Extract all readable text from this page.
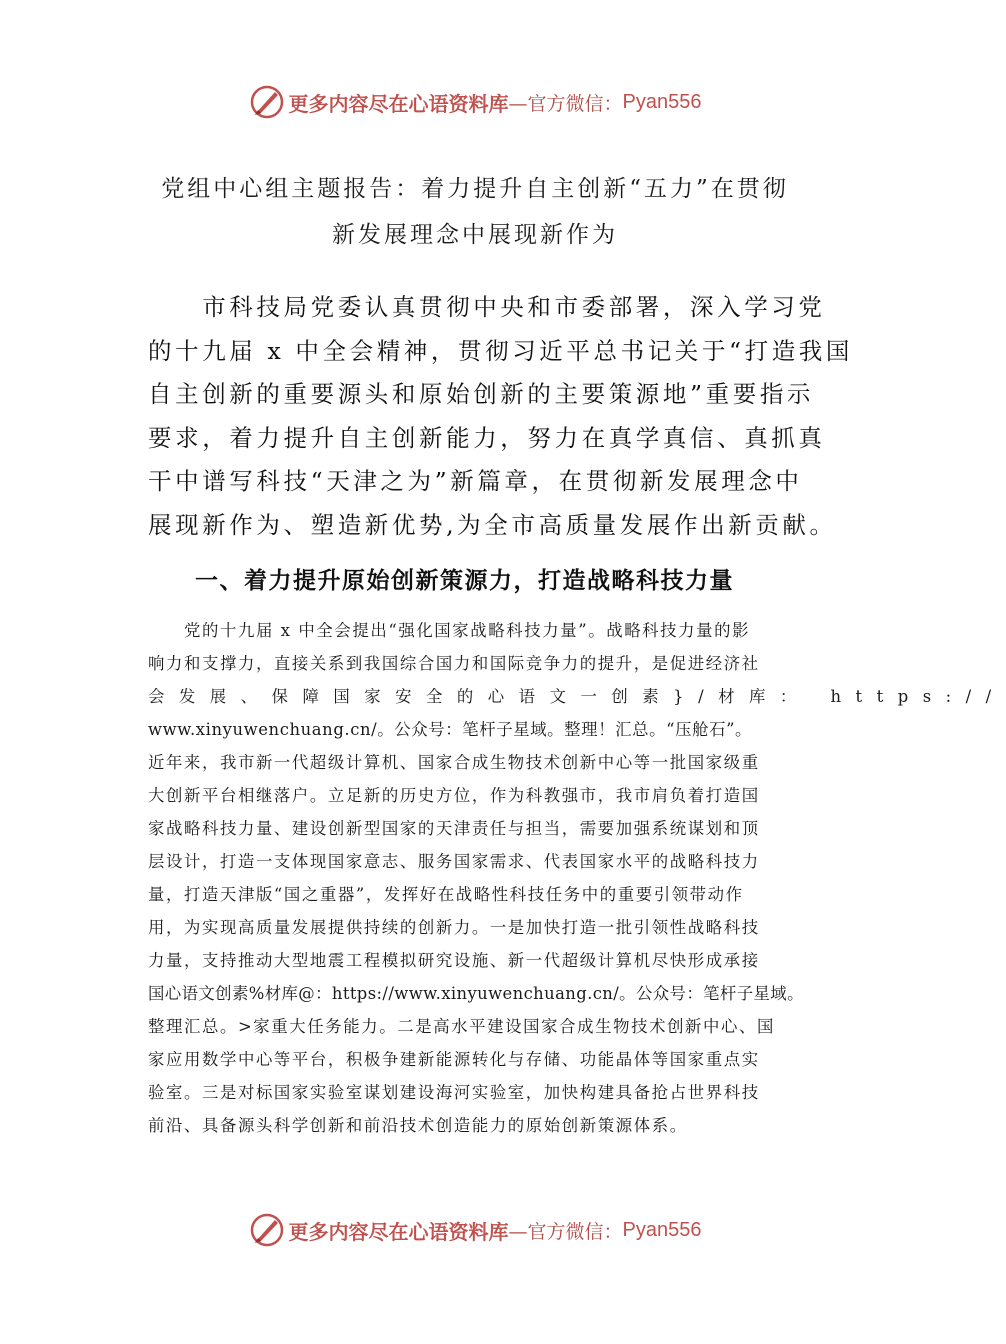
更多内容尽在心语资料库 —官方微信： Pyan556
党组中心组主题报告：着力提升自主创新“五力”在贯彻
新发展理念中展现新作为
　　市科技局党委认真贯彻中央和市委部署，深入学习党
的十九届 x 中全会精神，贯彻习近平总书记关于“打造我国
自主创新的重要源头和原始创新的主要策源地”重要指示
要求，着力提升自主创新能力，努力在真学真信、真抓真
干中谱写科技“天津之为”新篇章，在贯彻新发展理念中
展现新作为、塑造新优势,为全市高质量发展作出新贡献。
一、着力提升原始创新策源力，打造战略科技力量
　　党的十九届 x 中全会提出“强化国家战略科技力量”。战略科技力量的影
响力和支撑力，直接关系到我国综合国力和国际竞争力的提升，是促进经济社
会发展、保障国家安全的心语文一创素}/材库： https://
www.xinyuwenchuang.cn/。公众号：笔杆子星域。整理！汇总。“压舱石”。
近年来，我市新一代超级计算机、国家合成生物技术创新中心等一批国家级重
大创新平台相继落户。立足新的历史方位，作为科教强市，我市肩负着打造国
家战略科技力量、建设创新型国家的天津责任与担当，需要加强系统谋划和顶
层设计，打造一支体现国家意志、服务国家需求、代表国家水平的战略科技力
量，打造天津版“国之重器”，发挥好在战略性科技任务中的重要引领带动作
用，为实现高质量发展提供持续的创新力。一是加快打造一批引领性战略科技
力量，支持推动大型地震工程模拟研究设施、新一代超级计算机尽快形成承接
国心语文创素%材库@：https://www.xinyuwenchuang.cn/。公众号：笔杆子星域。
整理汇总。>家重大任务能力。二是高水平建设国家合成生物技术创新中心、国
家应用数学中心等平台，积极争建新能源转化与存储、功能晶体等国家重点实
验室。三是对标国家实验室谋划建设海河实验室，加快构建具备抢占世界科技
前沿、具备源头科学创新和前沿技术创造能力的原始创新策源体系。
更多内容尽在心语资料库 —官方微信： Pyan556
